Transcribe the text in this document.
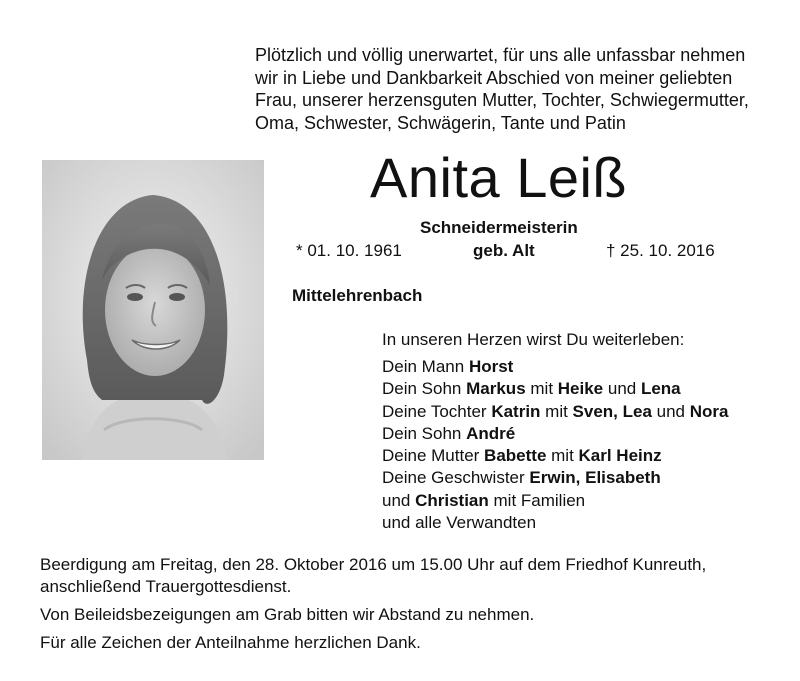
Plötzlich und völlig unerwartet, für uns alle unfassbar nehmen
wir in Liebe und Dankbarkeit Abschied von meiner geliebten
Frau, unserer herzensguten Mutter, Tochter, Schwiegermutter,
Oma, Schwester, Schwägerin, Tante und Patin
Anita Leiß
Schneidermeisterin
* 01. 10. 1961	geb. Alt	† 25. 10. 2016
Mittelehrenbach
In unseren Herzen wirst Du weiterleben:
Dein Mann Horst
Dein Sohn Markus mit Heike und Lena
Deine Tochter Katrin mit Sven, Lea und Nora
Dein Sohn André
Deine Mutter Babette mit Karl Heinz
Deine Geschwister Erwin, Elisabeth
und Christian mit Familien
und alle Verwandten
Beerdigung am Freitag, den 28. Oktober 2016 um 15.00 Uhr auf dem Friedhof Kunreuth,
anschließend Trauergottesdienst.
Von Beileidsbezeigungen am Grab bitten wir Abstand zu nehmen.
Für alle Zeichen der Anteilnahme herzlichen Dank.
